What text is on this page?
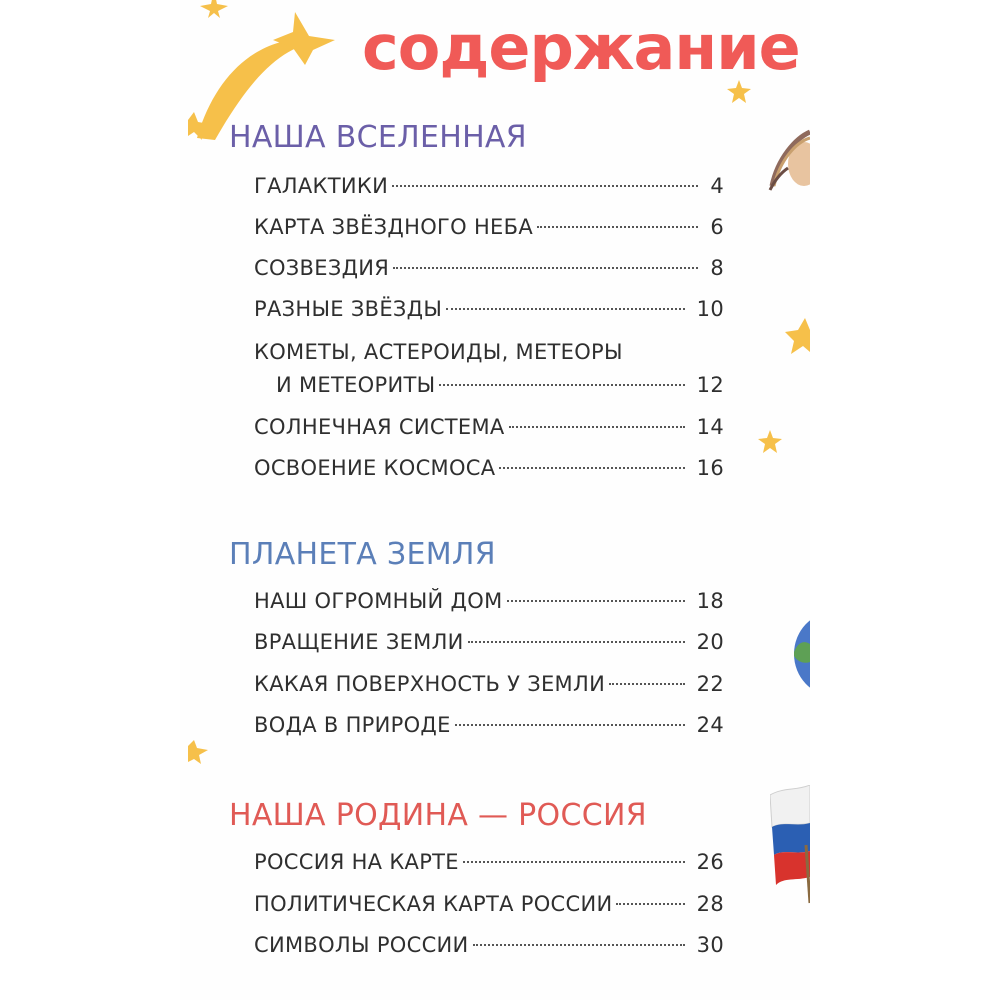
содержание
НАША ВСЕЛЕННАЯ
ГАЛАКТИКИ	4
КАРТА ЗВЁЗДНОГО НЕБА	6
СОЗВЕЗДИЯ	8
РАЗНЫЕ ЗВЁЗДЫ	10
КОМЕТЫ, АСТЕРОИДЫ, МЕТЕОРЫ
И МЕТЕОРИТЫ	12
СОЛНЕЧНАЯ СИСТЕМА	14
ОСВОЕНИЕ КОСМОСА	16
ПЛАНЕТА ЗЕМЛЯ
НАШ ОГРОМНЫЙ ДОМ	18
ВРАЩЕНИЕ ЗЕМЛИ	20
КАКАЯ ПОВЕРХНОСТЬ У ЗЕМЛИ	22
ВОДА В ПРИРОДЕ	24
НАША РОДИНА — РОССИЯ
РОССИЯ НА КАРТЕ	26
ПОЛИТИЧЕСКАЯ КАРТА РОССИИ	28
СИМВОЛЫ РОССИИ	30
